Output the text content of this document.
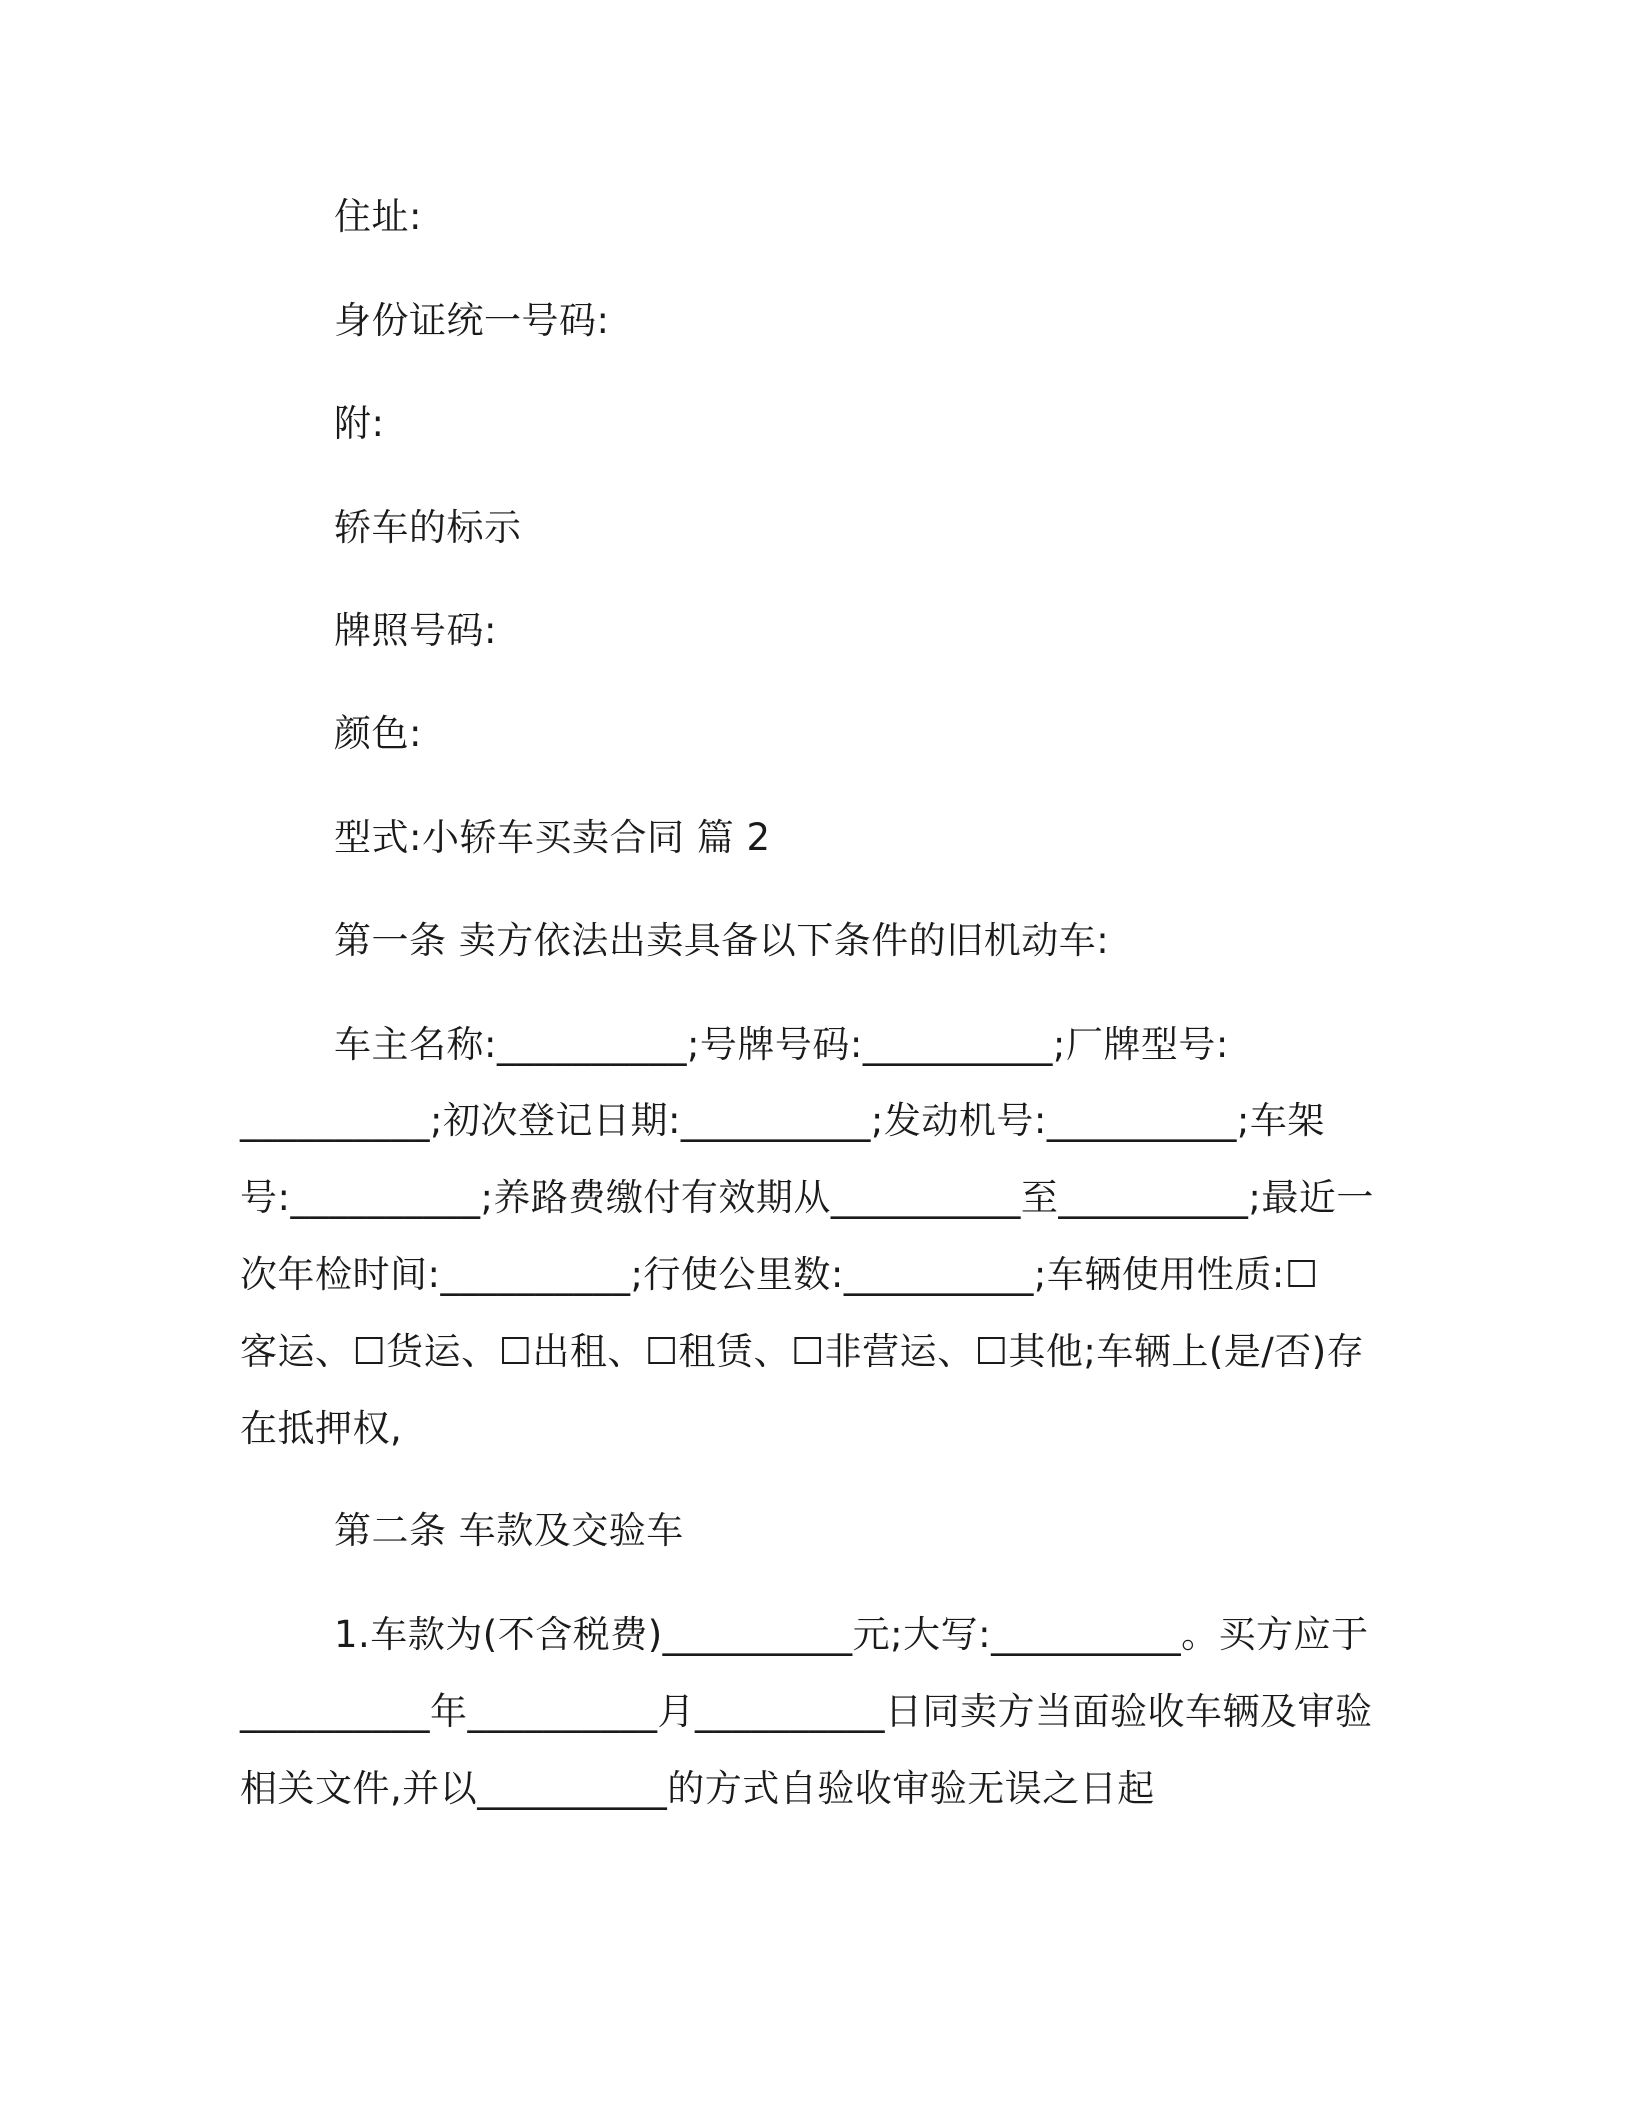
住址:
身份证统一号码:
附:
轿车的标示
牌照号码:
颜色:
型式:小轿车买卖合同 篇 2
第一条 卖方依法出卖具备以下条件的旧机动车:
车主名称:__________;号牌号码:__________;厂牌型号:
__________;初次登记日期:__________;发动机号:__________;车架
号:__________;养路费缴付有效期从__________至__________;最近一
次年检时间:__________;行使公里数:__________;车辆使用性质:☐
客运、☐货运、☐出租、☐租赁、☐非营运、☐其他;车辆上(是/否)存
在抵押权,
第二条 车款及交验车
1.车款为(不含税费)__________元;大写:__________。买方应于
__________年__________月__________日同卖方当面验收车辆及审验
相关文件,并以__________的方式自验收审验无误之日起
